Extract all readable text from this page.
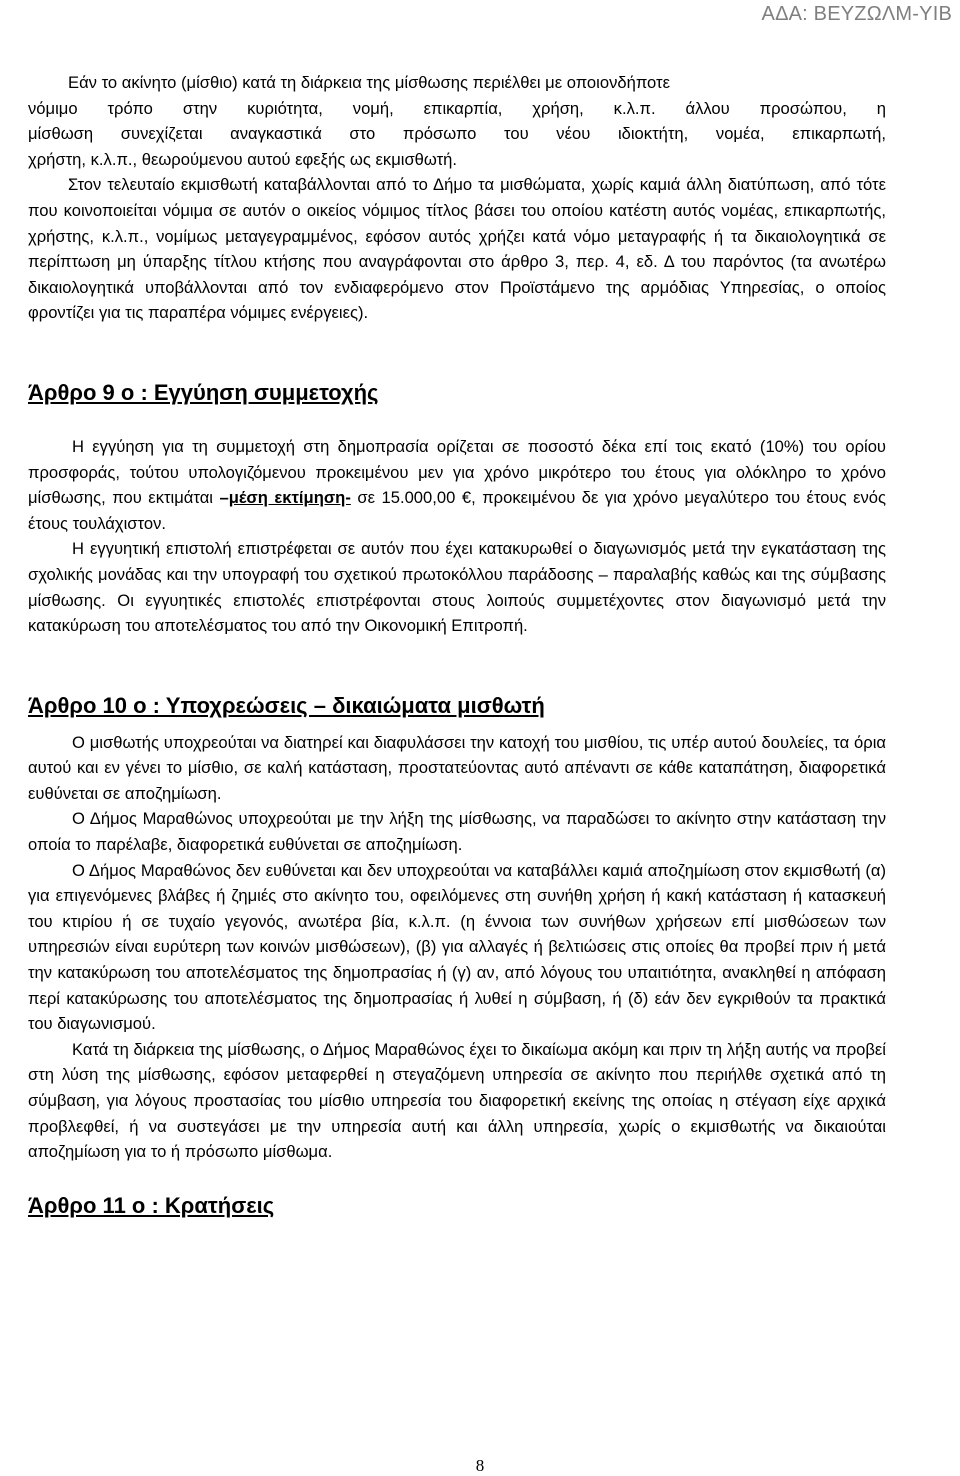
ΑΔΑ: ΒΕΥΖΩΛΜ-ΥΙΒ

Εάν το ακίνητο (μίσθιο) κατά τη διάρκεια της μίσθωσης περιέλθει με οποιονδήποτε

νόμιμο τρόπο στην κυριότητα, νομή, επικαρπία, χρήση, κ.λ.π. άλλου προσώπου, η

μίσθωση συνεχίζεται αναγκαστικά στο πρόσωπο του νέου ιδιοκτήτη, νομέα, επικαρπωτή,

χρήστη, κ.λ.π., θεωρούμενου αυτού εφεξής ως εκμισθωτή.

Στον τελευταίο εκμισθωτή καταβάλλονται από το Δήμο τα μισθώματα, χωρίς καμιά άλλη διατύπωση, από τότε που κοινοποιείται νόμιμα σε αυτόν ο οικείος νόμιμος τίτλος βάσει του οποίου κατέστη αυτός νομέας, επικαρπωτής, χρήστης, κ.λ.π., νομίμως μεταγεγραμμένος, εφόσον αυτός χρήζει κατά νόμο μεταγραφής ή τα δικαιολογητικά σε περίπτωση μη ύπαρξης τίτλου κτήσης που αναγράφονται στο άρθρο 3, περ. 4, εδ. Δ του παρόντος (τα ανωτέρω δικαιολογητικά υποβάλλονται από τον ενδιαφερόμενο στον Προϊστάμενο της αρμόδιας Υπηρεσίας, ο οποίος φροντίζει για τις παραπέρα νόμιμες ενέργειες).

Άρθρο 9 ο : Εγγύηση συμμετοχής

Η εγγύηση για τη συμμετοχή στη δημοπρασία ορίζεται σε ποσοστό δέκα επί τοις εκατό (10%) του ορίου προσφοράς, τούτου υπολογιζόμενου προκειμένου μεν για χρόνο μικρότερο του έτους για ολόκληρο το χρόνο μίσθωσης, που εκτιμάται –μέση εκτίμηση- σε 15.000,00 €, προκειμένου δε για χρόνο μεγαλύτερο του έτους ενός έτους τουλάχιστον.

Η εγγυητική επιστολή επιστρέφεται σε αυτόν που έχει κατακυρωθεί ο διαγωνισμός μετά την εγκατάσταση της σχολικής μονάδας και την υπογραφή του σχετικού πρωτοκόλλου παράδοσης – παραλαβής καθώς και της σύμβασης μίσθωσης. Οι εγγυητικές επιστολές επιστρέφονται στους λοιπούς συμμετέχοντες στον διαγωνισμό μετά την κατακύρωση του αποτελέσματος του από την Οικονομική Επιτροπή.

Άρθρο 10 ο : Υποχρεώσεις – δικαιώματα μισθωτή

Ο μισθωτής υποχρεούται να διατηρεί και διαφυλάσσει την κατοχή του μισθίου, τις υπέρ αυτού δουλείες, τα όρια αυτού και εν γένει το μίσθιο, σε καλή κατάσταση, προστατεύοντας αυτό απέναντι σε κάθε καταπάτηση, διαφορετικά ευθύνεται σε αποζημίωση.

Ο Δήμος Μαραθώνος υποχρεούται με την λήξη της μίσθωσης, να παραδώσει το ακίνητο στην κατάσταση την οποία το παρέλαβε, διαφορετικά ευθύνεται σε αποζημίωση.

Ο Δήμος Μαραθώνος δεν ευθύνεται και δεν υποχρεούται να καταβάλλει καμιά αποζημίωση στον εκμισθωτή (α) για επιγενόμενες βλάβες ή ζημιές στο ακίνητο του, οφειλόμενες στη συνήθη χρήση ή κακή κατάσταση ή κατασκευή του κτιρίου ή σε τυχαίο γεγονός, ανωτέρα βία, κ.λ.π. (η έννοια των συνήθων χρήσεων επί μισθώσεων των υπηρεσιών είναι ευρύτερη των κοινών μισθώσεων), (β) για αλλαγές ή βελτιώσεις στις οποίες θα προβεί πριν ή μετά την κατακύρωση του αποτελέσματος της δημοπρασίας ή (γ) αν, από λόγους του υπαιτιότητα, ανακληθεί η απόφαση περί κατακύρωσης του αποτελέσματος της δημοπρασίας ή λυθεί η σύμβαση, ή (δ) εάν δεν εγκριθούν τα πρακτικά του διαγωνισμού.

Κατά τη διάρκεια της μίσθωσης, ο Δήμος Μαραθώνος έχει το δικαίωμα ακόμη και πριν τη λήξη αυτής να προβεί στη λύση της μίσθωσης, εφόσον μεταφερθεί η στεγαζόμενη υπηρεσία σε ακίνητο που περιήλθε σχετικά από τη σύμβαση, για λόγους προστασίας του μίσθιο υπηρεσία του διαφορετική εκείνης της οποίας η στέγαση είχε αρχικά προβλεφθεί, ή να συστεγάσει με την υπηρεσία αυτή και άλλη υπηρεσία, χωρίς ο εκμισθωτής να δικαιούται αποζημίωση για το ή πρόσωπο μίσθωμα.

Άρθρο 11 ο : Κρατήσεις

8
